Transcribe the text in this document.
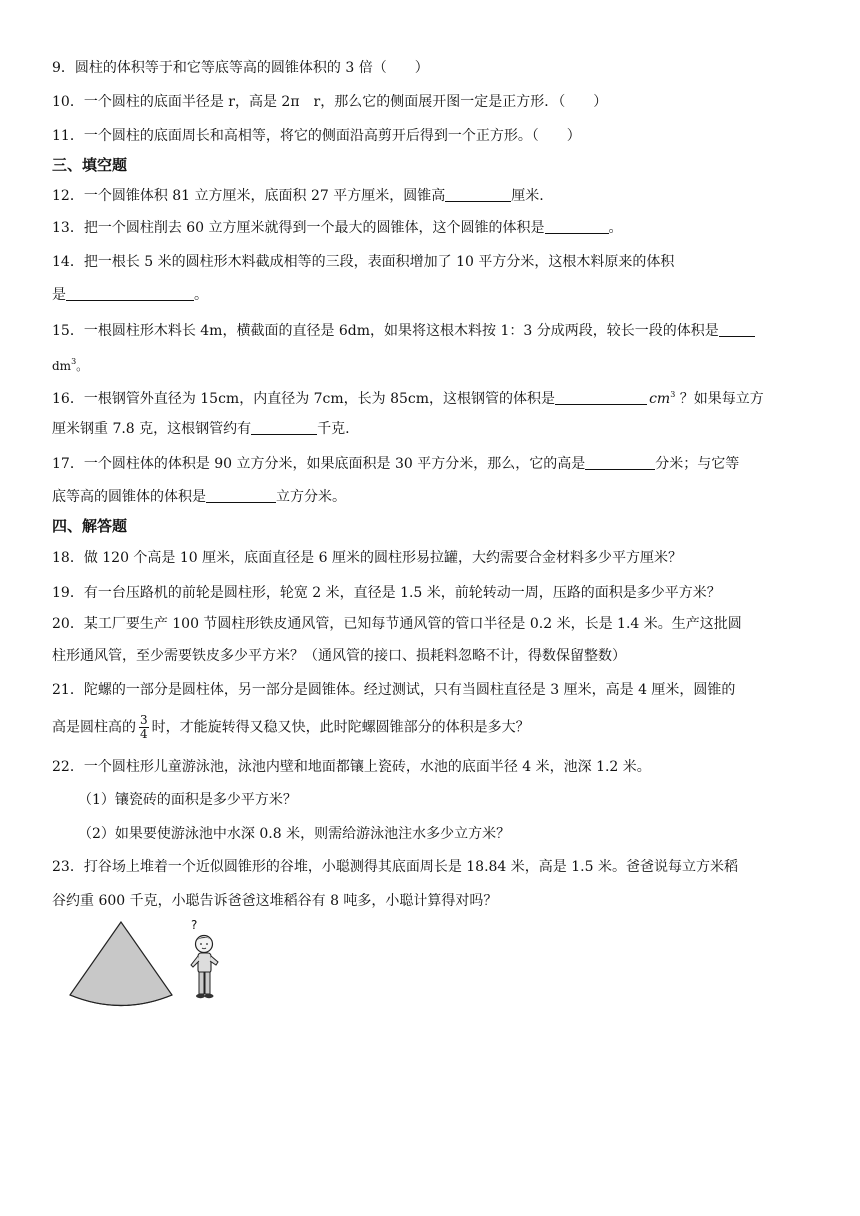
9．圆柱的体积等于和它等底等高的圆锥体积的 3 倍（　　）
10．一个圆柱的底面半径是 r，高是 2π　r，那么它的侧面展开图一定是正方形．（　　）
11．一个圆柱的底面周长和高相等，将它的侧面沿高剪开后得到一个正方形。（　　）
三、填空题
12．一个圆锥体积 81 立方厘米，底面积 27 平方厘米，圆锥高	厘米.
13．把一个圆柱削去 60 立方厘米就得到一个最大的圆锥体，这个圆锥的体积是	。
14．把一根长 5 米的圆柱形木料截成相等的三段，表面积增加了 10 平方分米，这根木料原来的体积
是	。
15．一根圆柱形木料长 4m，横截面的直径是 6dm，如果将这根木料按 1：3 分成两段，较长一段的体积是
$dm^3$。
16．一根钢管外直径为 15cm，内直径为 7cm，长为 85cm，这根钢管的体积是	$cm^3$ ？如果每立方
厘米钢重 7.8 克，这根钢管约有	千克.
17．一个圆柱体的体积是 90 立方分米，如果底面积是 30 平方分米，那么，它的高是	分米；与它等
底等高的圆锥体的体积是	立方分米。
四、解答题
18．做 120 个高是 10 厘米，底面直径是 6 厘米的圆柱形易拉罐，大约需要合金材料多少平方厘米？
19．有一台压路机的前轮是圆柱形，轮宽 2 米，直径是 1.5 米，前轮转动一周，压路的面积是多少平方米？
20．某工厂要生产 100 节圆柱形铁皮通风管，已知每节通风管的管口半径是 0.2 米，长是 1.4 米。生产这批圆
柱形通风管，至少需要铁皮多少平方米？（通风管的接口、损耗料忽略不计，得数保留整数）
21．陀螺的一部分是圆柱体，另一部分是圆锥体。经过测试，只有当圆柱直径是 3 厘米，高是 4 厘米，圆锥的
高是圆柱高的 $\frac{3}{4}$ 时，才能旋转得又稳又快，此时陀螺圆锥部分的体积是多大？
22．一个圆柱形儿童游泳池，泳池内壁和地面都镶上瓷砖，水池的底面半径 4 米，池深 1.2 米。
（1）镶瓷砖的面积是多少平方米？
（2）如果要使游泳池中水深 0.8 米，则需给游泳池注水多少立方米？
23．打谷场上堆着一个近似圆锥形的谷堆，小聪测得其底面周长是 18.84 米，高是 1.5 米。爸爸说每立方米稻
谷约重 600 千克，小聪告诉爸爸这堆稻谷有 8 吨多，小聪计算得对吗？
?
